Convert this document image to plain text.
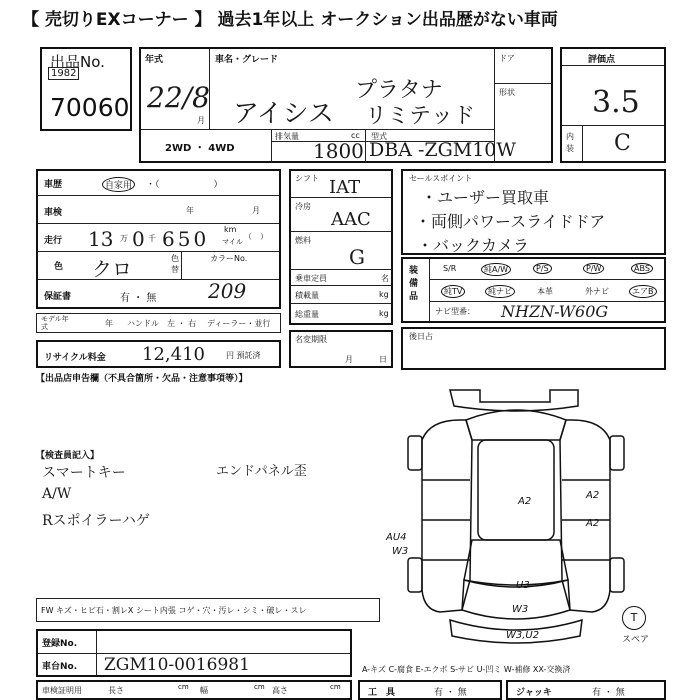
【 売切りEXコーナー 】 過去1年以上 オークション出品歴がない車両
出品No.
1982
70060
年式
22/8
月
車名・グレード
アイシス
プラタナ
リミテッド
2WD ・ 4WD
排気量	cc
1800
型式
DBA -ZGM10W
ドア
形状
評価点
3.5
内装 C
車歴	自家用	・（　　　　　　）
車検	年	月
走行 13 万 0 千 650 km
マイル
（　）
色 クロ	色替
カラーNo.
209
保証書	有 ・ 無
モデル年式	年 ハンドル　左 ・ 右 ディーラー・並行
リサイクル料金 12,410	円 預託済
シフト IAT
冷房
AAC
燃料
G
乗車定員	名
積載量	kg
総重量	kg
名変期限
月	日
セールスポイント
・ユーザー買取車
・両側パワースライドドア
・バックカメラ
装備品
S/R	純A/W	P/S	P/W	ABS
純TV	純ナビ	本革	外ナビ	エアB
ナビ型番： NHZN-W60G
後日占
【出品店申告欄（不具合箇所・欠品・注意事項等）】
【検査員記入】
スマートキー
A/W
Rスポイラーハゲ
エンドパネル歪
A2
A2
A2
AU4
W3
U3
W3
W3,U2
T
スペア
FW キズ・ヒビ石・割レX シート内張 コゲ・穴・汚レ・シミ・破レ・スレ
登録No.
車台No. ZGM10-0016981	A-キズ C-腐食 E-エクボ S-サビ U-凹ミ W-補修 XX-交換済
車検証明用	長さ	cm 幅	cm 高さ	cm
工　具	有 ・ 無	ジャッキ	有 ・ 無
